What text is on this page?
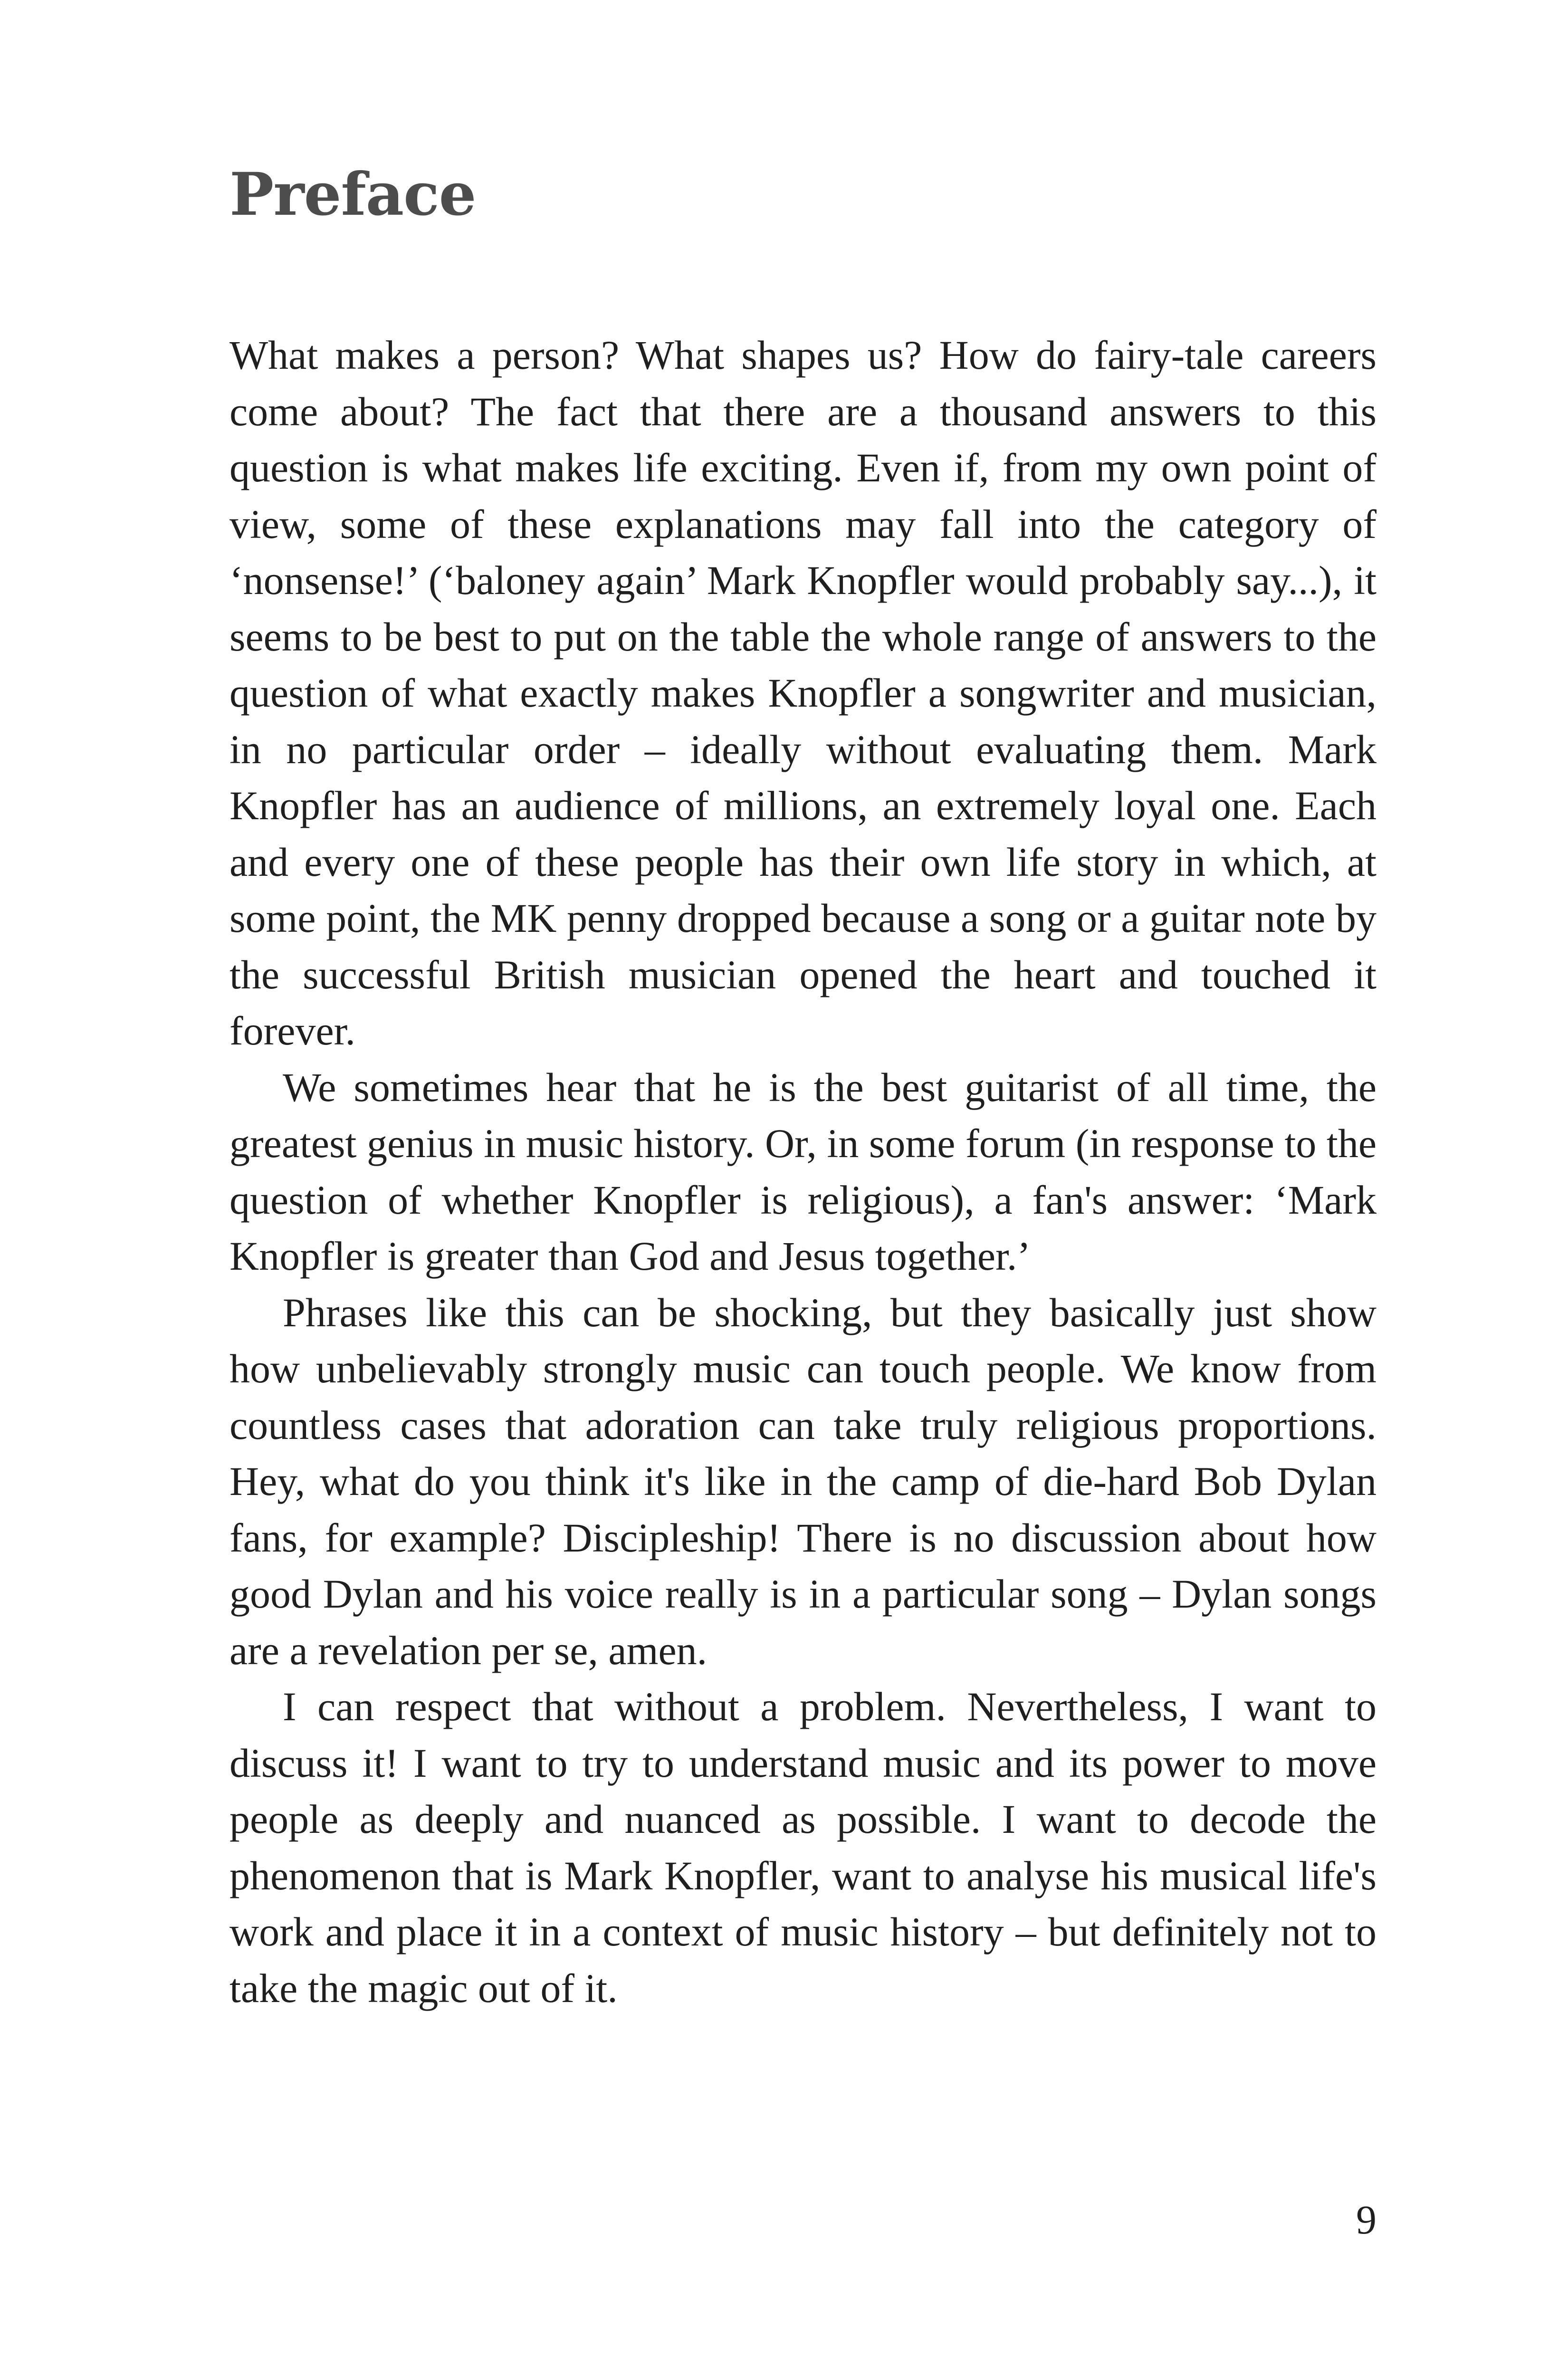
Preface

What makes a person? What shapes us? How do fairy-tale careers come about? The fact that there are a thousand answers to this question is what makes life exciting. Even if, from my own point of view, some of these explanations may fall into the category of ‘nonsense!’ (‘baloney again’ Mark Knopfler would probably say...), it seems to be best to put on the table the whole range of answers to the question of what exactly makes Knopfler a songwriter and musician, in no particular order – ideally without evaluating them. Mark Knopfler has an audience of millions, an extremely loyal one. Each and every one of these people has their own life story in which, at some point, the MK penny dropped because a song or a guitar note by the successful British musician opened the heart and touched it forever.

We sometimes hear that he is the best guitarist of all time, the greatest genius in music history. Or, in some forum (in response to the question of whether Knopfler is religious), a fan's answer: ‘Mark Knopfler is greater than God and Jesus together.’

Phrases like this can be shocking, but they basically just show how unbelievably strongly music can touch people. We know from countless cases that adoration can take truly religious proportions. Hey, what do you think it's like in the camp of die-hard Bob Dylan fans, for example? Discipleship! There is no discussion about how good Dylan and his voice really is in a particular song – Dylan songs are a revelation per se, amen.

I can respect that without a problem. Nevertheless, I want to discuss it! I want to try to understand music and its power to move people as deeply and nuanced as possible. I want to decode the phenomenon that is Mark Knopfler, want to analyse his musical life's work and place it in a context of music history – but definitely not to take the magic out of it.

9
